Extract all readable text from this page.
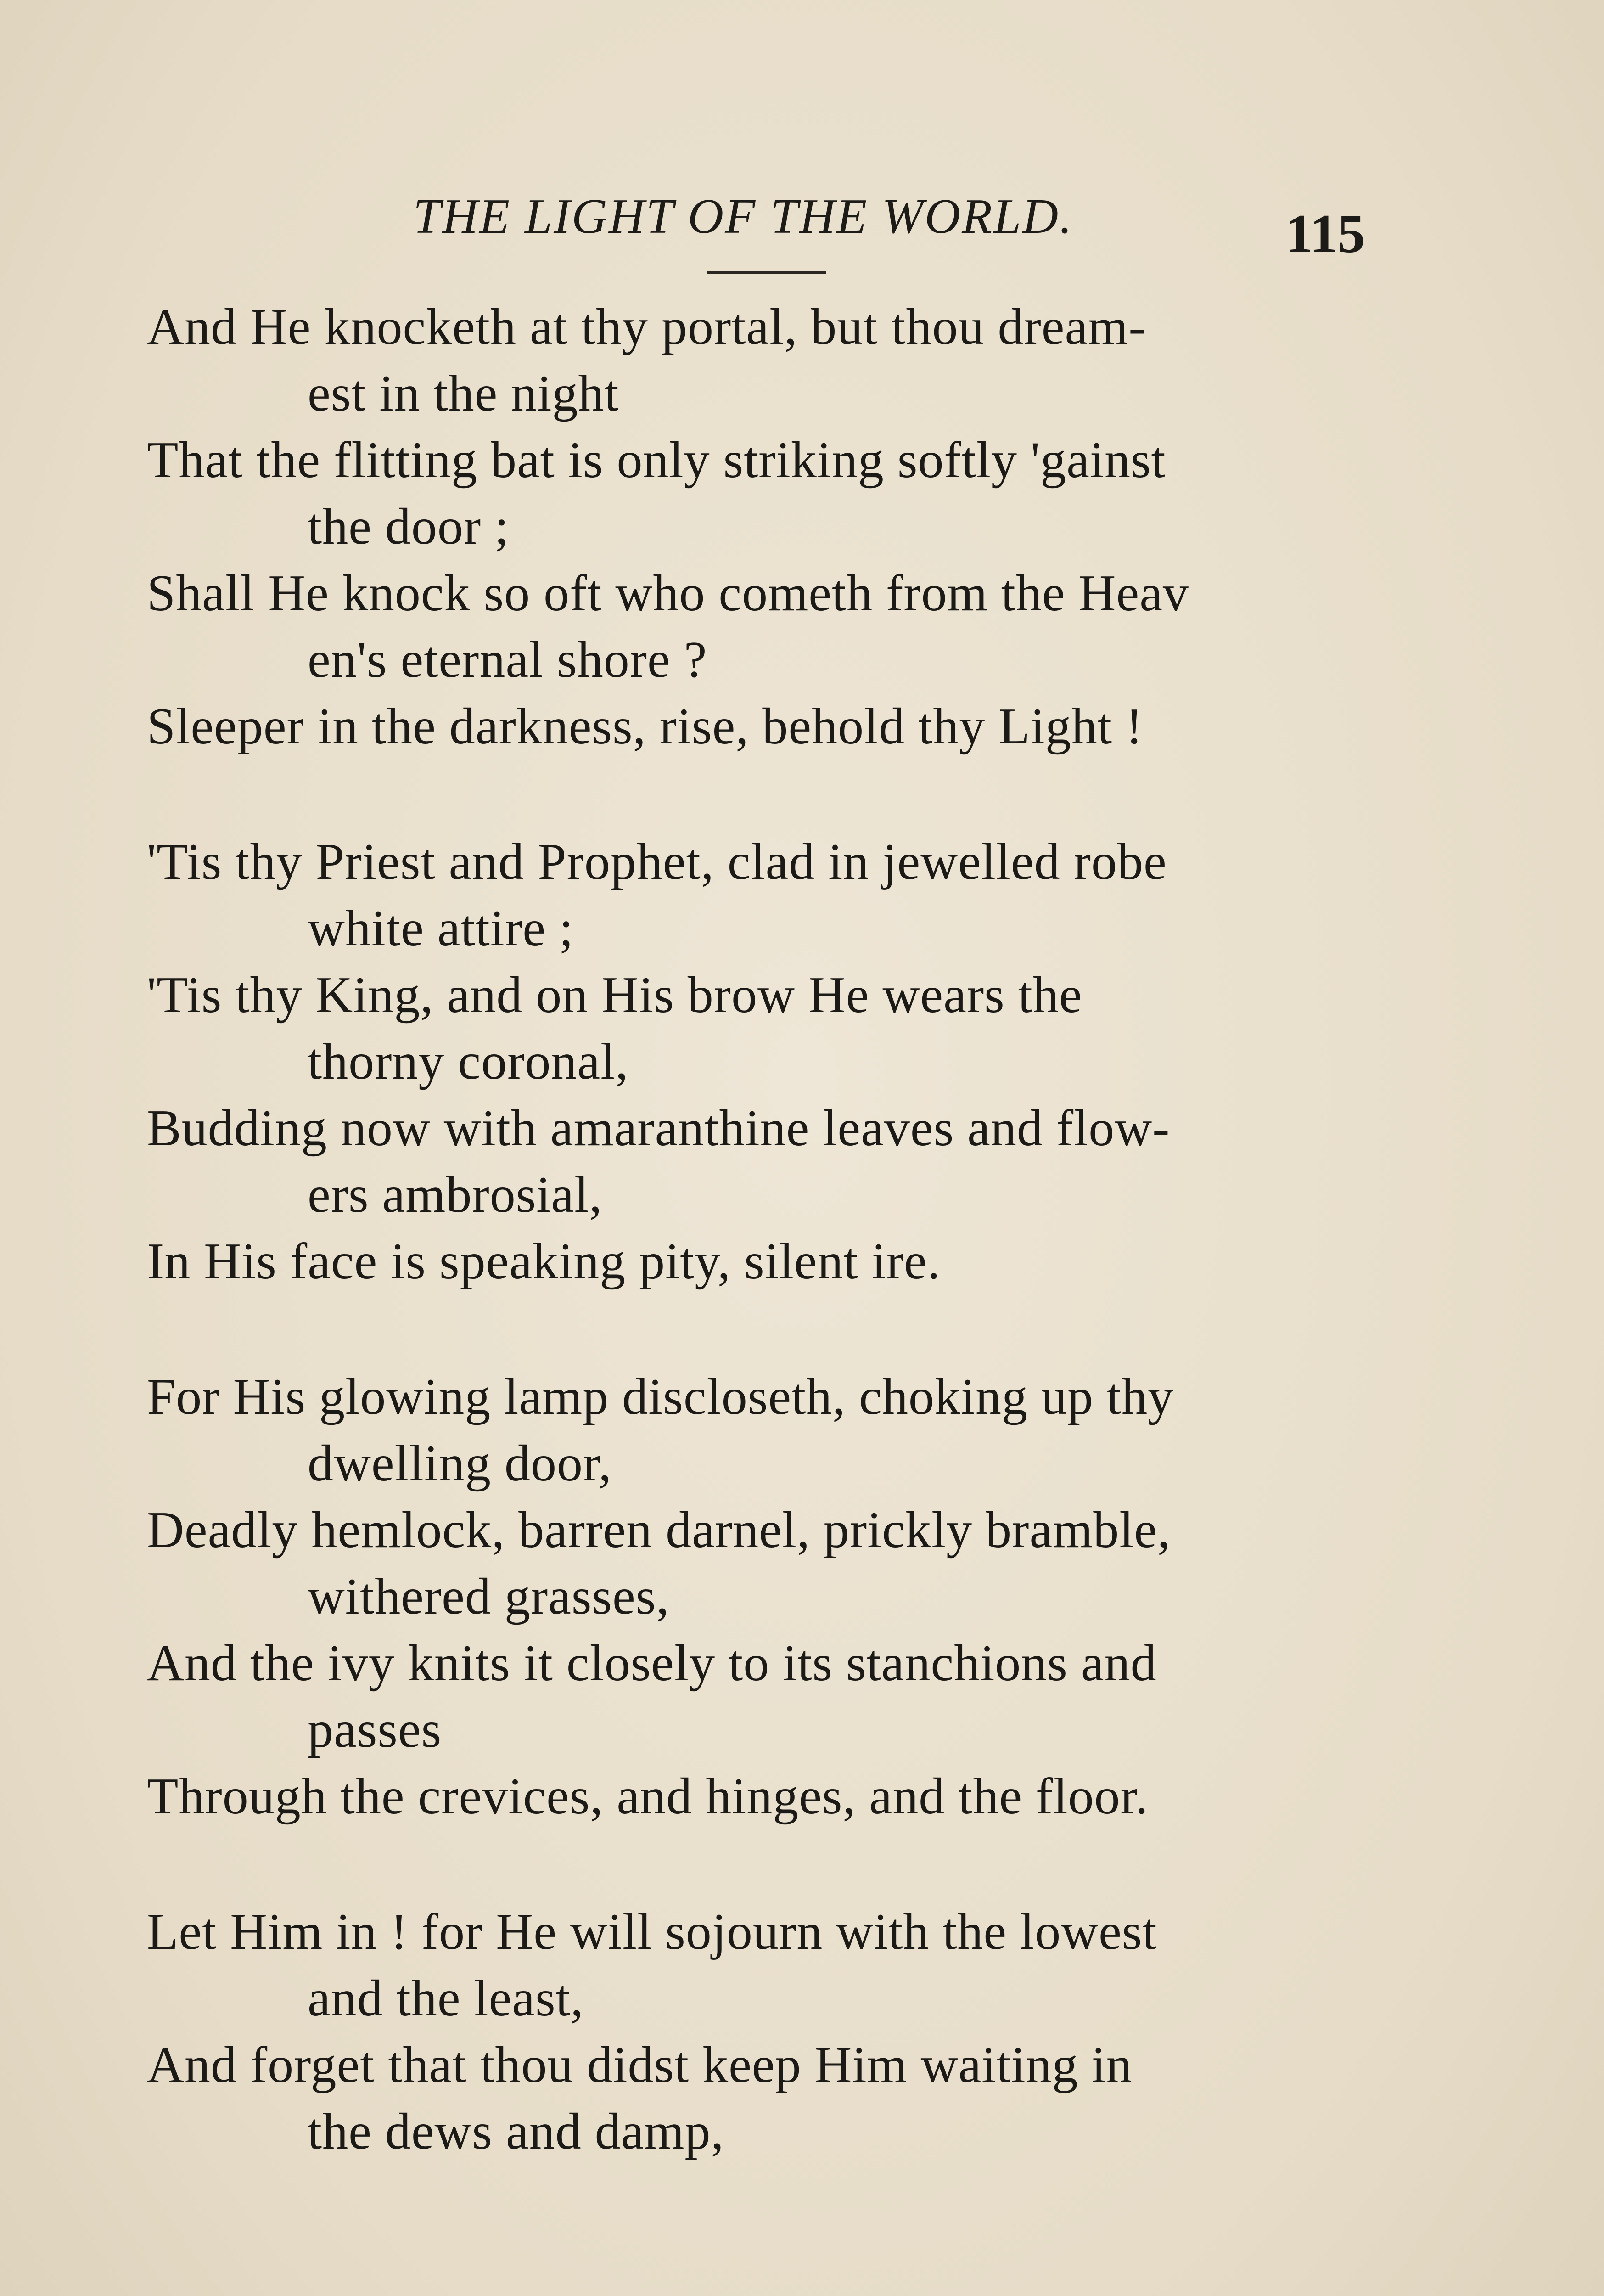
THE LIGHT OF THE WORLD.	115
And He knocketh at thy portal, but thou dream-
est in the night
That the flitting bat is only striking softly 'gainst
the door ;
Shall He knock so oft who cometh from the Heav
en's eternal shore ?
Sleeper in the darkness, rise, behold thy Light !
'Tis thy Priest and Prophet, clad in jewelled robe
white attire ;
'Tis thy King, and on His brow He wears the
thorny coronal,
Budding now with amaranthine leaves and flow-
ers ambrosial,
In His face is speaking pity, silent ire.
For His glowing lamp discloseth, choking up thy
dwelling door,
Deadly hemlock, barren darnel, prickly bramble,
withered grasses,
And the ivy knits it closely to its stanchions and
passes
Through the crevices, and hinges, and the floor.
Let Him in ! for He will sojourn with the lowest
and the least,
And forget that thou didst keep Him waiting in
the dews and damp,
